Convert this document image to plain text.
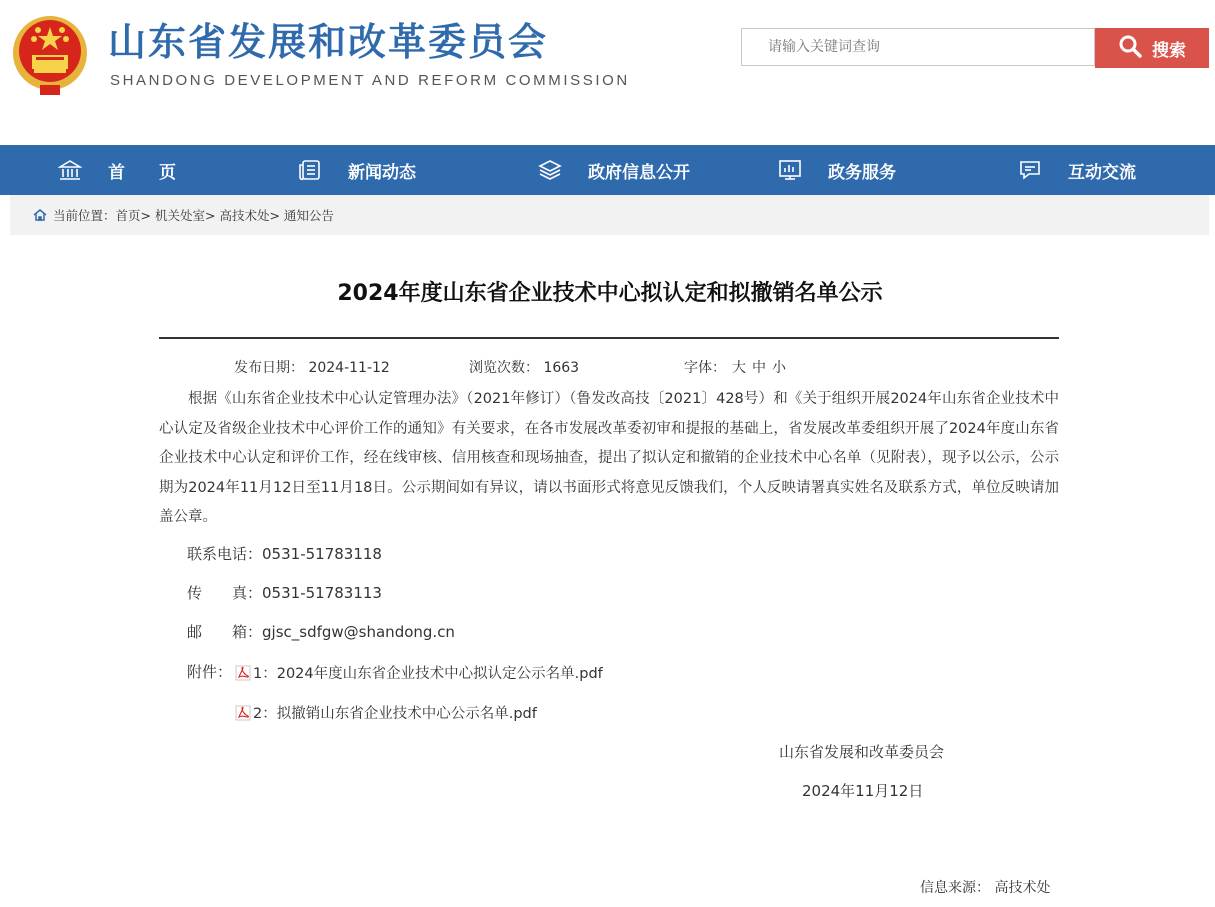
山东省发展和改革委员会
SHANDONG DEVELOPMENT AND REFORM COMMISSION
请输入关键词查询
搜索
首　　页	新闻动态	政府信息公开	政务服务	互动交流
当前位置： 首页 > 机关处室 > 高技术处 > 通知公告
2024年度山东省企业技术中心拟认定和拟撤销名单公示
发布日期： 2024-11-12	浏览次数： 1663	字体： 大 中 小

根据《山东省企业技术中心认定管理办法》（2021年修订）（鲁发改高技〔2021〕428号）和《关于组织开展2024年山东省企业技术中心认定及省级企业技术中心评价工作的通知》有关要求，在各市发展改革委初审和提报的基础上，省发展改革委组织开展了2024年度山东省企业技术中心认定和评价工作，经在线审核、信用核查和现场抽查，提出了拟认定和撤销的企业技术中心名单（见附表），现予以公示，公示期为2024年11月12日至11月18日。公示期间如有异议，请以书面形式将意见反馈我们，个人反映请署真实姓名及联系方式，单位反映请加盖公章。

联系电话：0531-51783118
传　　真：0531-51783113
邮　　箱：gjsc_sdfgw@shandong.cn
附件： 1：2024年度山东省企业技术中心拟认定公示名单.pdf
2：拟撤销山东省企业技术中心公示名单.pdf
山东省发展和改革委员会
2024年11月12日
信息来源： 高技术处
